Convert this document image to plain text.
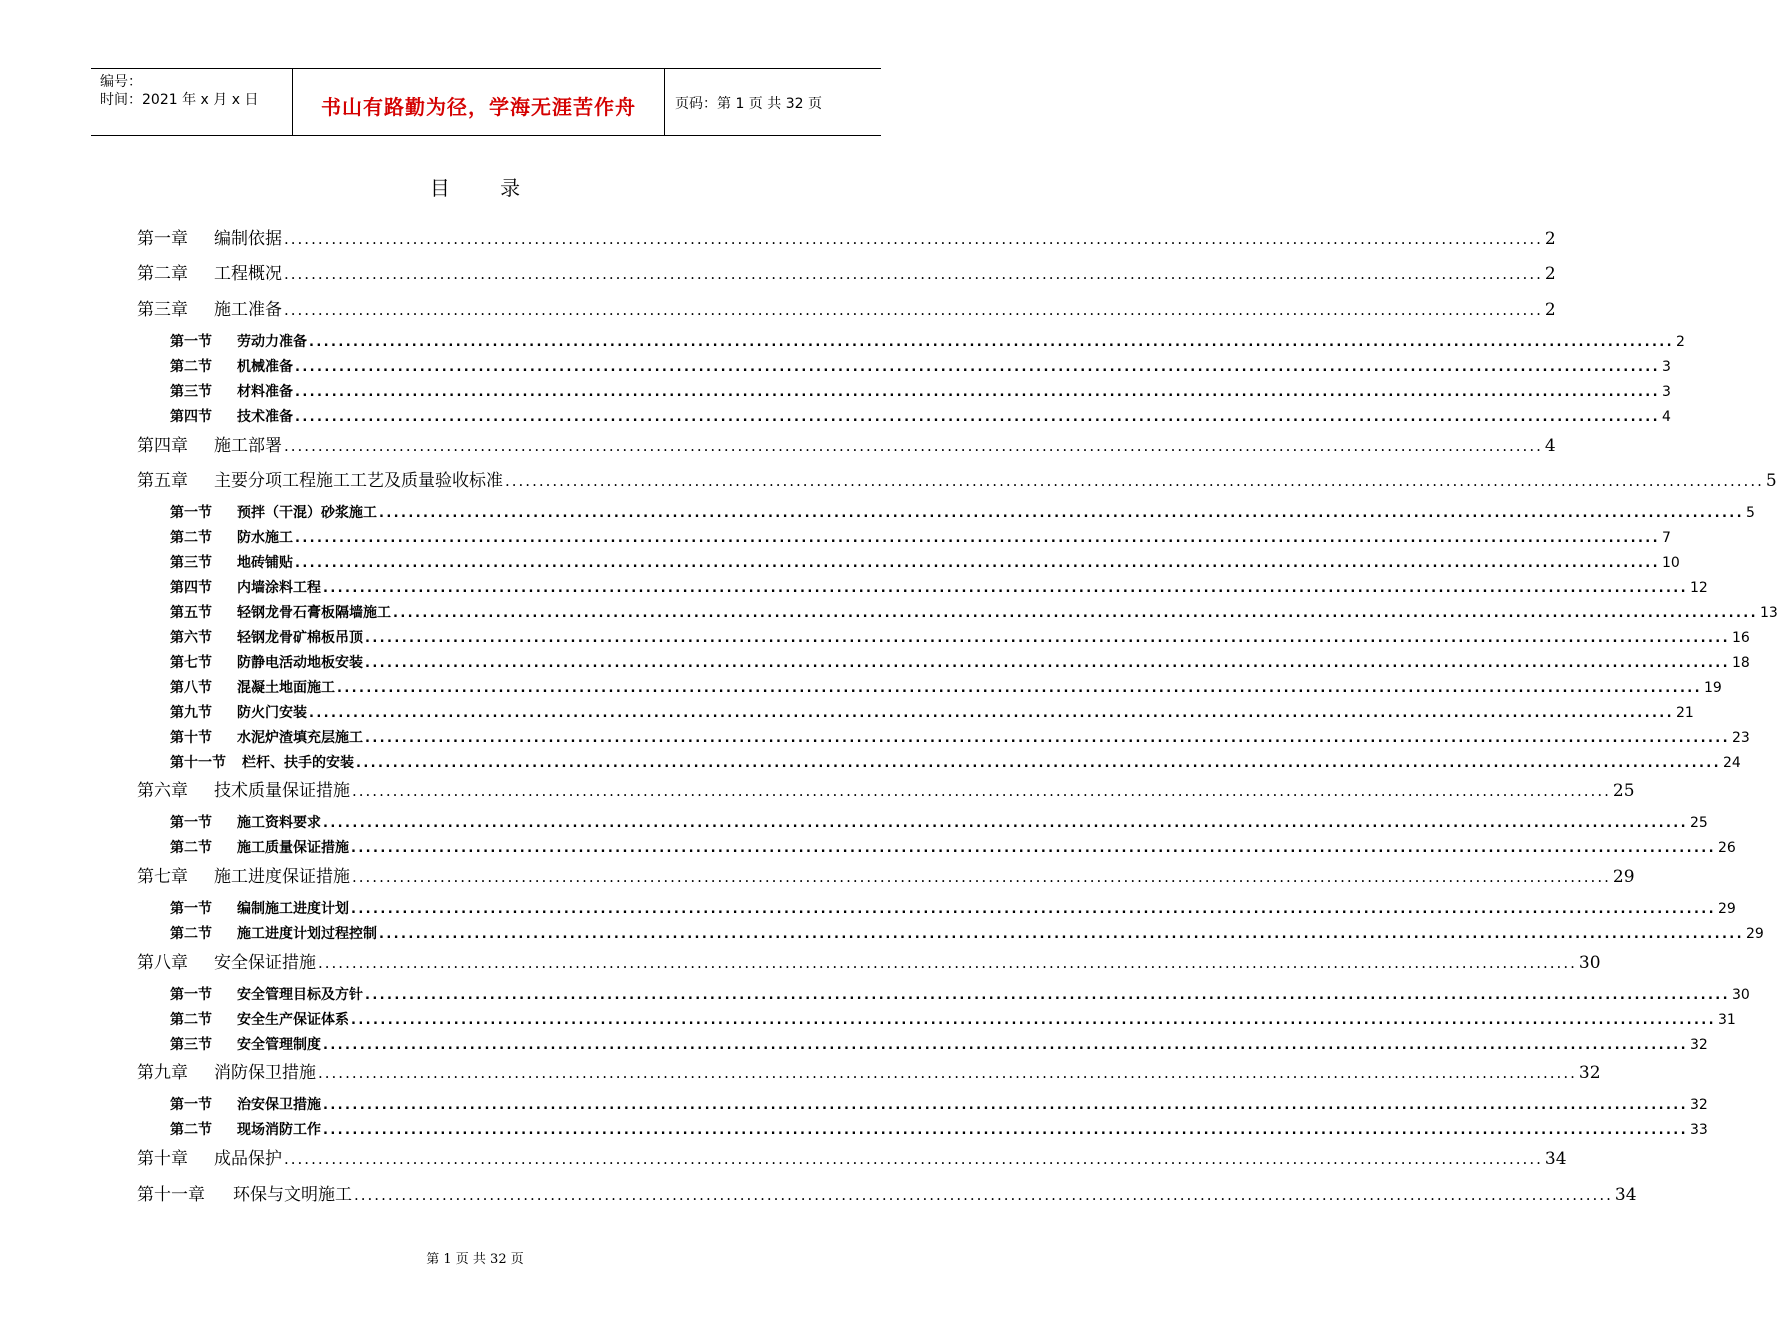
编号：
时间：2021 年 x 月 x 日	书山有路勤为径，学海无涯苦作舟	页码：第 1 页 共 32 页
目 录
第一章	编制依据 .......................................................................................................................................................................................... 2
第二章	工程概况 .......................................................................................................................................................................................... 2
第三章	施工准备 .......................................................................................................................................................................................... 2
第一节	劳动力准备 .......................................................................................................................................................................................... 2
第二节	机械准备 .......................................................................................................................................................................................... 3
第三节	材料准备 .......................................................................................................................................................................................... 3
第四节	技术准备 .......................................................................................................................................................................................... 4
第四章	施工部署 .......................................................................................................................................................................................... 4
第五章	主要分项工程施工工艺及质量验收标准 .......................................................................................................................................................................................... 5
第一节	预拌（干混）砂浆施工 .......................................................................................................................................................................................... 5
第二节	防水施工 .......................................................................................................................................................................................... 7
第三节	地砖铺贴 .......................................................................................................................................................................................... 10
第四节	内墙涂料工程 .......................................................................................................................................................................................... 12
第五节	轻钢龙骨石膏板隔墙施工 .......................................................................................................................................................................................... 13
第六节	轻钢龙骨矿棉板吊顶 .......................................................................................................................................................................................... 16
第七节	防静电活动地板安装 .......................................................................................................................................................................................... 18
第八节	混凝土地面施工 .......................................................................................................................................................................................... 19
第九节	防火门安装 .......................................................................................................................................................................................... 21
第十节	水泥炉渣填充层施工 .......................................................................................................................................................................................... 23
第十一节	栏杆、扶手的安装 .......................................................................................................................................................................................... 24
第六章	技术质量保证措施 .......................................................................................................................................................................................... 25
第一节	施工资料要求 .......................................................................................................................................................................................... 25
第二节	施工质量保证措施 .......................................................................................................................................................................................... 26
第七章	施工进度保证措施 .......................................................................................................................................................................................... 29
第一节	编制施工进度计划 .......................................................................................................................................................................................... 29
第二节	施工进度计划过程控制 .......................................................................................................................................................................................... 29
第八章	安全保证措施 .......................................................................................................................................................................................... 30
第一节	安全管理目标及方针 .......................................................................................................................................................................................... 30
第二节	安全生产保证体系 .......................................................................................................................................................................................... 31
第三节	安全管理制度 .......................................................................................................................................................................................... 32
第九章	消防保卫措施 .......................................................................................................................................................................................... 32
第一节	治安保卫措施 .......................................................................................................................................................................................... 32
第二节	现场消防工作 .......................................................................................................................................................................................... 33
第十章	成品保护 .......................................................................................................................................................................................... 34
第十一章	环保与文明施工 .......................................................................................................................................................................................... 34
第 1 页 共 32 页
